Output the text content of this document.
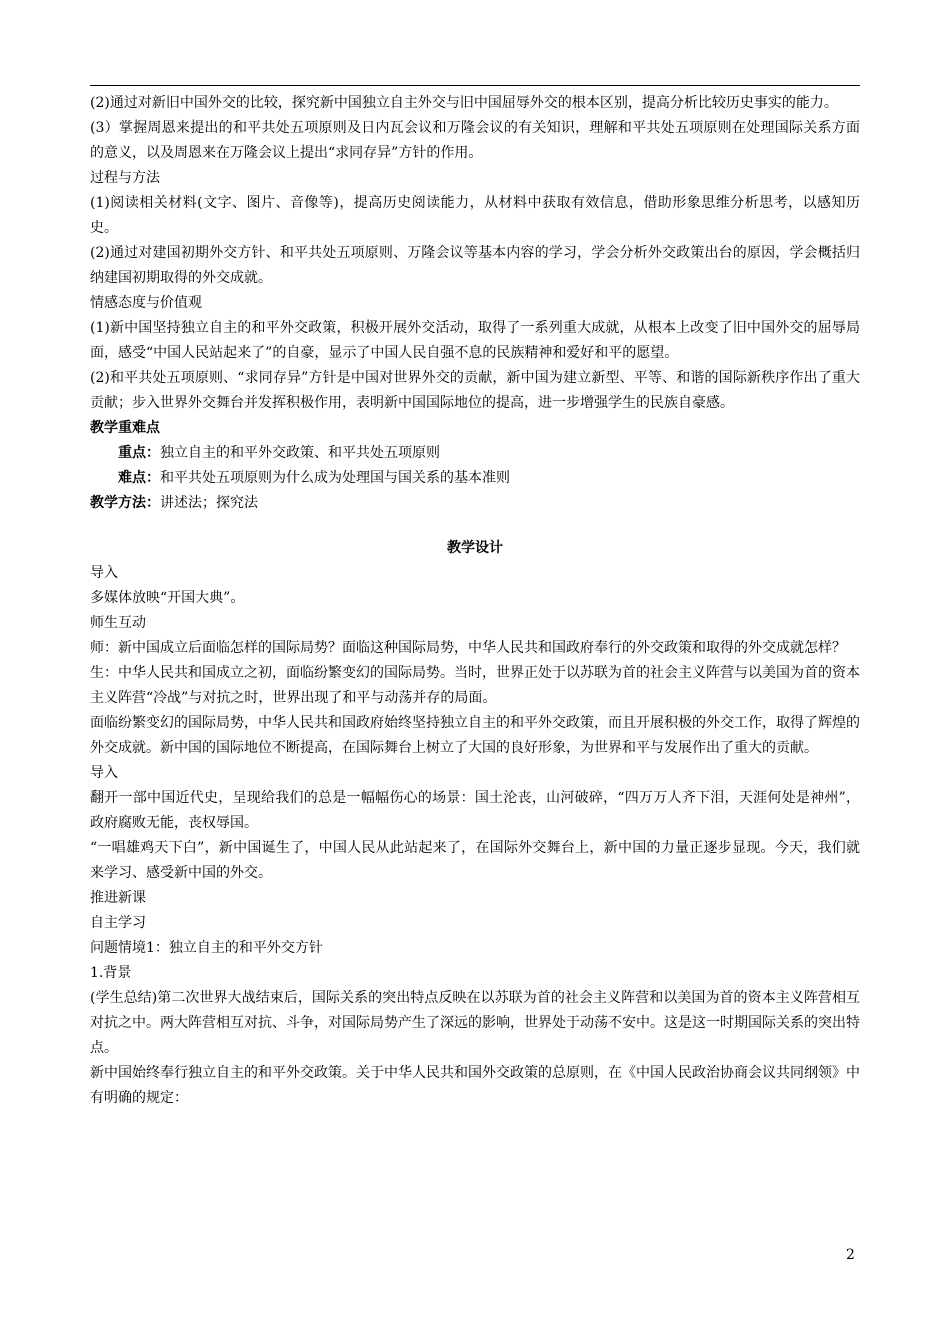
(2)通过对新旧中国外交的比较，探究新中国独立自主外交与旧中国屈辱外交的根本区别，提高分析比较历史事实的能力。

(3）掌握周恩来提出的和平共处五项原则及日内瓦会议和万隆会议的有关知识，理解和平共处五项原则在处理国际关系方面的意义，以及周恩来在万隆会议上提出“求同存异”方针的作用。

过程与方法

(1)阅读相关材料(文字、图片、音像等)，提高历史阅读能力，从材料中获取有效信息，借助形象思维分析思考，以感知历史。

(2)通过对建国初期外交方针、和平共处五项原则、万隆会议等基本内容的学习，学会分析外交政策出台的原因，学会概括归纳建国初期取得的外交成就。

情感态度与价值观

(1)新中国坚持独立自主的和平外交政策，积极开展外交活动，取得了一系列重大成就，从根本上改变了旧中国外交的屈辱局面，感受“中国人民站起来了”的自豪，显示了中国人民自强不息的民族精神和爱好和平的愿望。

(2)和平共处五项原则、“求同存异”方针是中国对世界外交的贡献，新中国为建立新型、平等、和谐的国际新秩序作出了重大贡献；步入世界外交舞台并发挥积极作用，表明新中国国际地位的提高，进一步增强学生的民族自豪感。

教学重难点

重点：独立自主的和平外交政策、和平共处五项原则

难点：和平共处五项原则为什么成为处理国与国关系的基本准则

教学方法：讲述法；探究法

教学设计

导入

多媒体放映“开国大典”。

师生互动

师：新中国成立后面临怎样的国际局势？面临这种国际局势，中华人民共和国政府奉行的外交政策和取得的外交成就怎样？

生：中华人民共和国成立之初，面临纷繁变幻的国际局势。当时，世界正处于以苏联为首的社会主义阵营与以美国为首的资本主义阵营“冷战”与对抗之时，世界出现了和平与动荡并存的局面。

面临纷繁变幻的国际局势，中华人民共和国政府始终坚持独立自主的和平外交政策，而且开展积极的外交工作，取得了辉煌的外交成就。新中国的国际地位不断提高，在国际舞台上树立了大国的良好形象，为世界和平与发展作出了重大的贡献。

导入

翻开一部中国近代史，呈现给我们的总是一幅幅伤心的场景：国土沦丧，山河破碎，“四万万人齐下泪，天涯何处是神州”，政府腐败无能，丧权辱国。

“一唱雄鸡天下白”，新中国诞生了，中国人民从此站起来了，在国际外交舞台上，新中国的力量正逐步显现。今天，我们就来学习、感受新中国的外交。

推进新课

自主学习

问题情境1：独立自主的和平外交方针

1.背景

(学生总结)第二次世界大战结束后，国际关系的突出特点反映在以苏联为首的社会主义阵营和以美国为首的资本主义阵营相互对抗之中。两大阵营相互对抗、斗争，对国际局势产生了深远的影响，世界处于动荡不安中。这是这一时期国际关系的突出特点。

新中国始终奉行独立自主的和平外交政策。关于中华人民共和国外交政策的总原则，在《中国人民政治协商会议共同纲领》中有明确的规定：

2
